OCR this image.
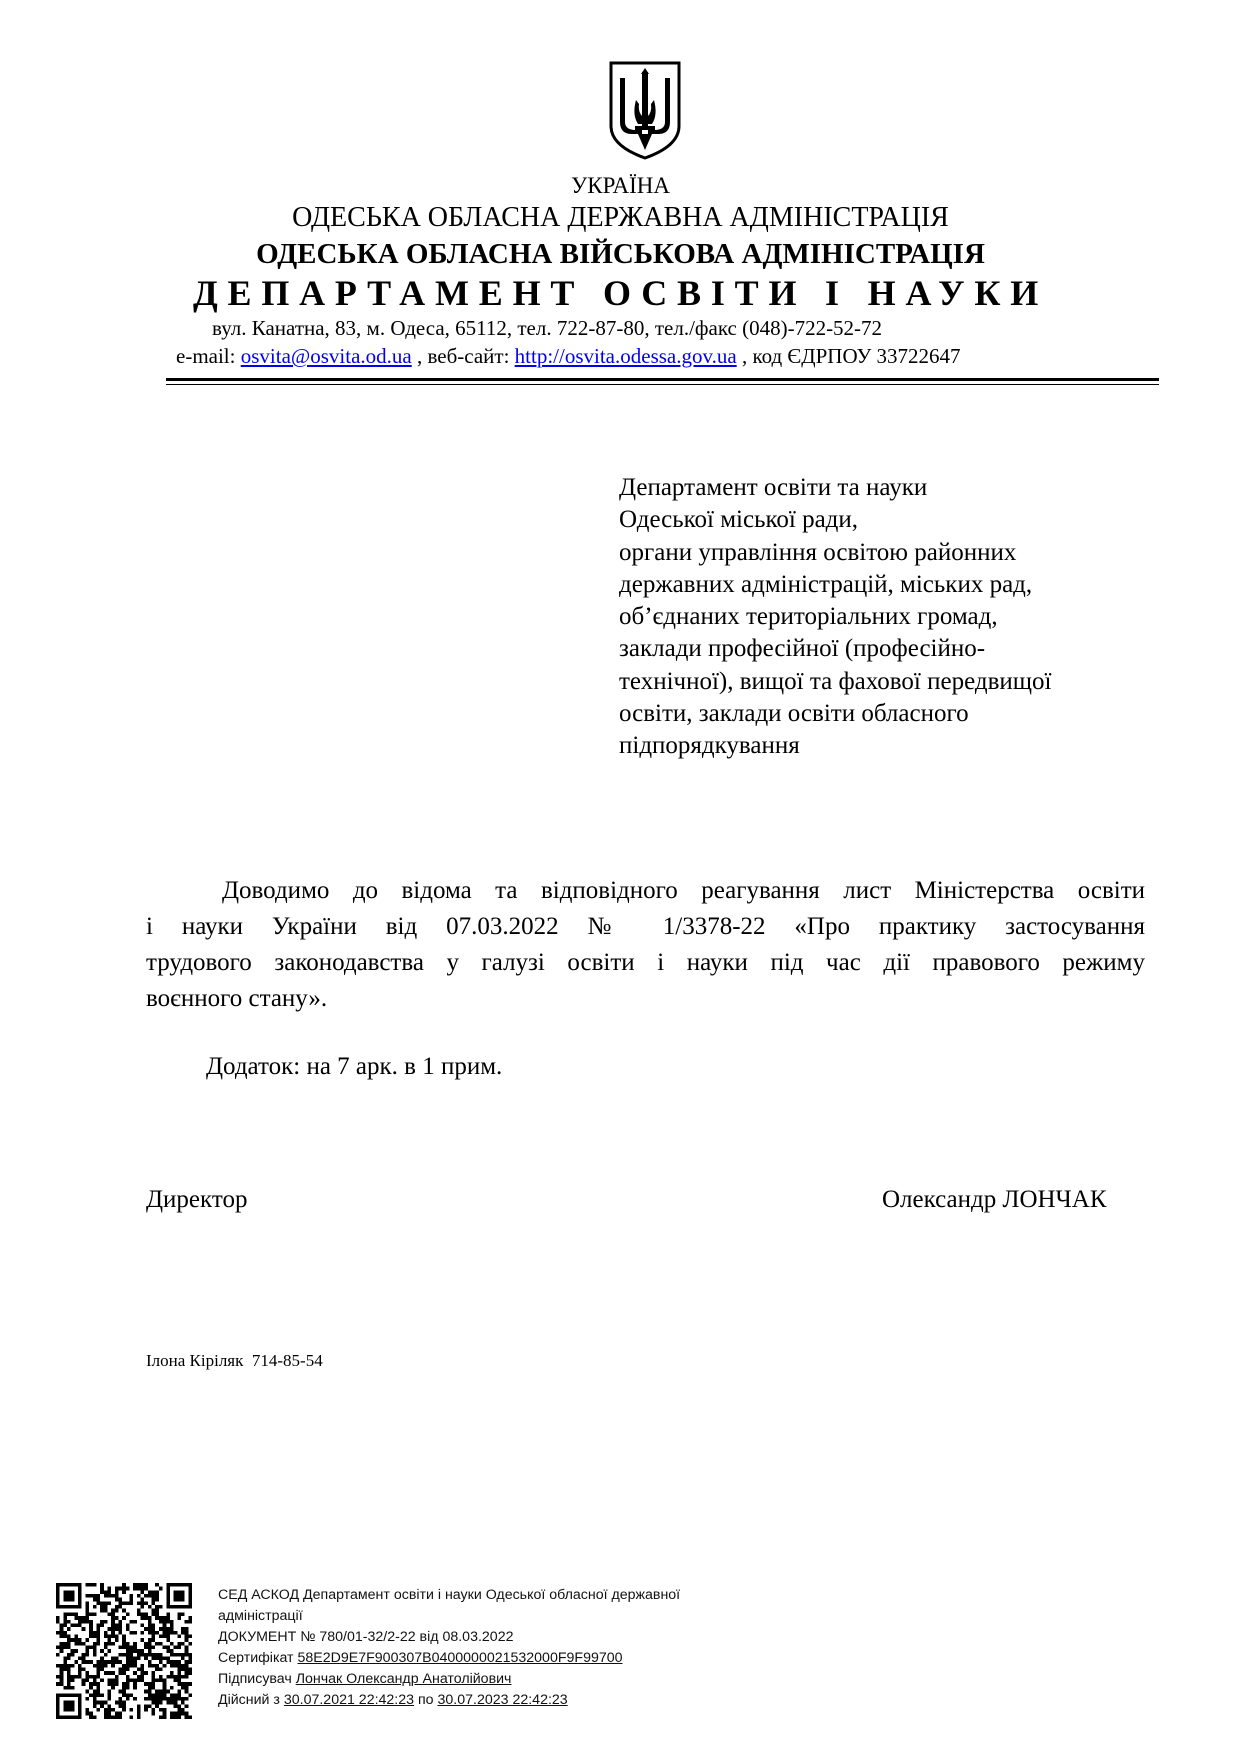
УКРАЇНА
ОДЕСЬКА ОБЛАСНА ДЕРЖАВНА АДМІНІСТРАЦІЯ
ОДЕСЬКА ОБЛАСНА ВІЙСЬКОВА АДМІНІСТРАЦІЯ
ДЕПАРТАМЕНТ ОСВІТИ І НАУКИ
вул. Канатна, 83, м. Одеса, 65112, тел. 722-87-80, тел./факс (048)-722-52-72
e-mail: osvita@osvita.od.ua , веб-сайт: http://osvita.odessa.gov.ua , код ЄДРПОУ 33722647
Департамент освіти та науки
Одеської міської ради,
органи управління освітою районних
державних адміністрацій, міських рад,
об’єднаних територіальних громад,
заклади професійної (професійно-
технічної), вищої та фахової передвищої
освіти, заклади освіти обласного
підпорядкування
Доводимо до відома та відповідного реагування лист Міністерства освіти
і науки України від 07.03.2022 № 1/3378-22 «Про практику застосування
трудового законодавства у галузі освіти і науки під час дії правового режиму
воєнного стану».
Додаток: на 7 арк. в 1 прим.
Директор	Олександр ЛОНЧАК
Ілона Кіріляк  714-85-54
СЕД АСКОД Департамент освіти і науки Одеської обласної державної
адміністрації
ДОКУМЕНТ № 780/01-32/2-22 від 08.03.2022
Сертифікат 58E2D9E7F900307B0400000021532000F9F99700
Підписувач Лончак Олександр Анатолійович
Дійсний з 30.07.2021 22:42:23 по 30.07.2023 22:42:23
